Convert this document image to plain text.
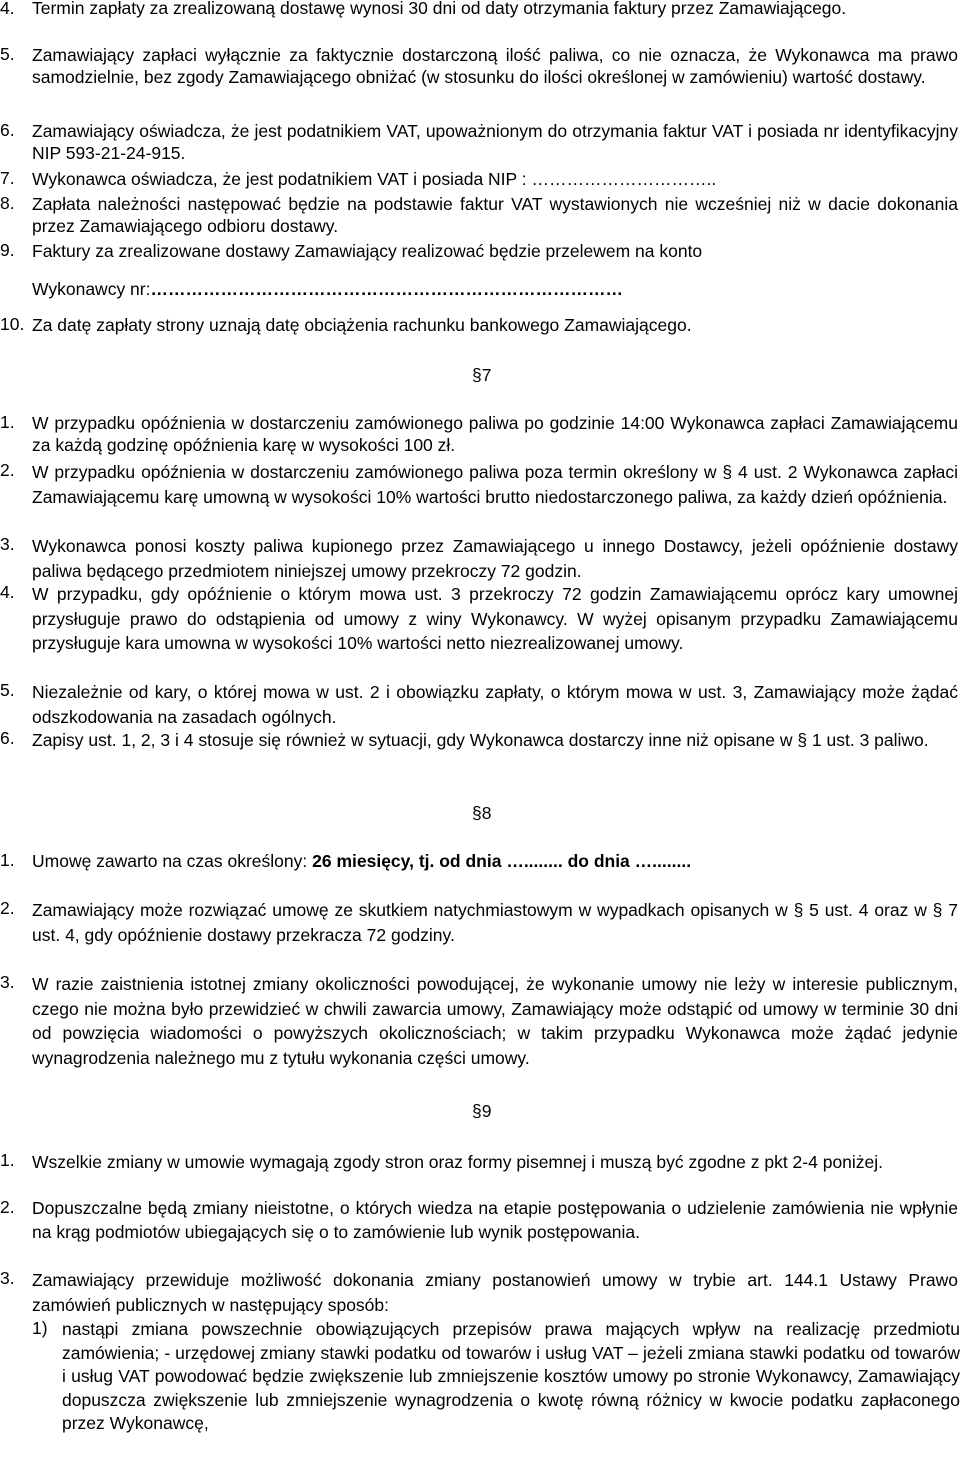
4. Termin zapłaty za zrealizowaną dostawę wynosi 30 dni od daty otrzymania faktury przez Zamawiającego.
5. Zamawiający zapłaci wyłącznie za faktycznie dostarczoną ilość paliwa, co nie oznacza, że Wykonawca ma prawo samodzielnie, bez zgody Zamawiającego obniżać (w stosunku do ilości określonej w zamówieniu) wartość dostawy.
6. Zamawiający oświadcza, że jest podatnikiem VAT, upoważnionym do otrzymania faktur VAT i posiada nr identyfikacyjny NIP 593-21-24-915.
7. Wykonawca oświadcza, że jest podatnikiem VAT i posiada NIP : …………………………..
8. Zapłata należności następować będzie na podstawie faktur VAT wystawionych nie wcześniej niż w dacie dokonania przez Zamawiającego odbioru dostawy.
9. Faktury za zrealizowane dostawy Zamawiający realizować będzie przelewem na konto
Wykonawcy nr:………………………………………………………………………
10. Za datę zapłaty strony uznają datę obciążenia rachunku bankowego Zamawiającego.
§7
1. W przypadku opóźnienia w dostarczeniu zamówionego paliwa po godzinie 14:00 Wykonawca zapłaci Zamawiającemu za każdą godzinę opóźnienia karę w wysokości 100 zł.
2. W przypadku opóźnienia w dostarczeniu zamówionego paliwa poza termin określony w § 4 ust. 2 Wykonawca zapłaci Zamawiającemu karę umowną w wysokości 10% wartości brutto niedostarczonego paliwa, za każdy dzień opóźnienia.
3. Wykonawca ponosi koszty paliwa kupionego przez Zamawiającego u innego Dostawcy, jeżeli opóźnienie dostawy paliwa będącego przedmiotem niniejszej umowy przekroczy 72 godzin.
4. W przypadku, gdy opóźnienie o którym mowa ust. 3 przekroczy 72 godzin Zamawiającemu oprócz kary umownej przysługuje prawo do odstąpienia od umowy z winy Wykonawcy. W wyżej opisanym przypadku Zamawiającemu przysługuje kara umowna w wysokości 10% wartości netto niezrealizowanej umowy.
5. Niezależnie od kary, o której mowa w ust. 2 i obowiązku zapłaty, o którym mowa w ust. 3, Zamawiający może żądać odszkodowania na zasadach ogólnych.
6. Zapisy ust. 1, 2, 3 i 4 stosuje się również w sytuacji, gdy Wykonawca dostarczy inne niż opisane w § 1 ust. 3 paliwo.
§8
1. Umowę zawarto na czas określony: 26 miesięcy, tj. od dnia …........ do dnia …........
2. Zamawiający może rozwiązać umowę ze skutkiem natychmiastowym w wypadkach opisanych w § 5 ust. 4 oraz w § 7 ust. 4, gdy opóźnienie dostawy przekracza 72 godziny.
3. W razie zaistnienia istotnej zmiany okoliczności powodującej, że wykonanie umowy nie leży w interesie publicznym, czego nie można było przewidzieć w chwili zawarcia umowy, Zamawiający może odstąpić od umowy w terminie 30 dni od powzięcia wiadomości o powyższych okolicznościach; w takim przypadku Wykonawca może żądać jedynie wynagrodzenia należnego mu z tytułu wykonania części umowy.
§9
1. Wszelkie zmiany w umowie wymagają zgody stron oraz formy pisemnej i muszą być zgodne z pkt 2-4 poniżej.
2. Dopuszczalne będą zmiany nieistotne, o których wiedza na etapie postępowania o udzielenie zamówienia nie wpłynie na krąg podmiotów ubiegających się o to zamówienie lub wynik postępowania.
3. Zamawiający przewiduje możliwość dokonania zmiany postanowień umowy w trybie art. 144.1 Ustawy Prawo zamówień publicznych w następujący sposób:
1) nastąpi zmiana powszechnie obowiązujących przepisów prawa mających wpływ na realizację przedmiotu zamówienia; - urzędowej zmiany stawki podatku od towarów i usług VAT – jeżeli zmiana stawki podatku od towarów i usług VAT powodować będzie zwiększenie lub zmniejszenie kosztów umowy po stronie Wykonawcy, Zamawiający dopuszcza zwiększenie lub zmniejszenie wynagrodzenia o kwotę równą różnicy w kwocie podatku zapłaconego przez Wykonawcę,
